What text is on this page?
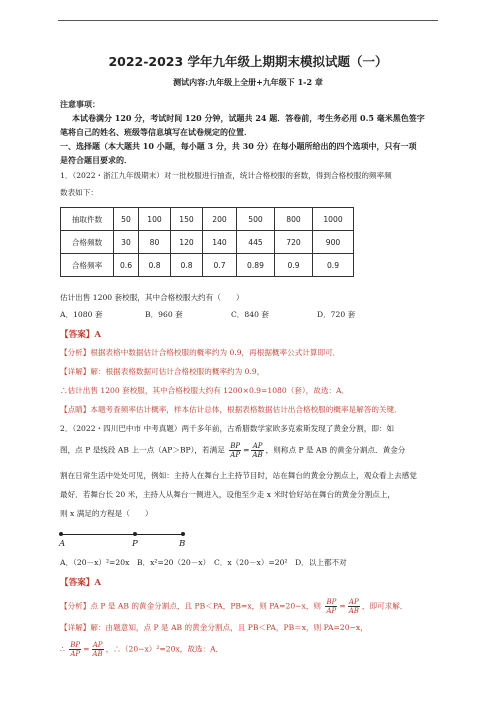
2022-2023 学年九年级上期期末模拟试题（一）
测试内容:九年级上全册+九年级下 1-2 章
注意事项：
本试卷满分 120 分，考试时间 120 分钟，试题共 24 题．答卷前，考生务必用 0.5 毫米黑色签字
笔将自己的姓名、班级等信息填写在试卷规定的位置．
一、选择题（本大题共 10 小题，每小题 3 分，共 30 分）在每小题所给出的四个选项中，只有一项
是符合题目要求的．
1．（2022・浙江九年级期末）对一批校服进行抽查，统计合格校服的套数，得到合格校服的频率频
数表如下：
抽取件数	50	100	150	200	500	800	1000
合格频数	30	80	120	140	445	720	900
合格频率	0.6	0.8	0.8	0.7	0.89	0.9	0.9
估计出售 1200 套校服，其中合格校服大约有（　　）
A．1080 套	B．960 套	C．840 套	D．720 套
【答案】A
【分析】根据表格中数据估计合格校服的概率约为 0.9，再根据概率公式计算即可．
【详解】解：根据表格数据可估计合格校服的概率约为 0.9，
∴估计出售 1200 套校服，其中合格校服大约有 1200×0.9=1080（套），故选：A．
【点睛】本题考查频率估计概率，样本估计总体，根据表格数据估计出合格校服的概率是解答的关键．
2．（2022・四川巴中市 中考真题）两千多年前，古希腊数学家欧多克索斯发现了黄金分割，即：如
图，点 P 是线段 AB 上一点（AP＞BP），若满足 $\frac{BP}{AP} = \frac{AP}{AB}$ ，则称点 P 是 AB 的黄金分割点．黄金分
割在日常生活中处处可见，例如：主持人在舞台上主持节目时，站在舞台的黄金分割点上，观众看上去感觉
最好．若舞台长 20 米，主持人从舞台一侧进入，设他至少走 x 米时恰好站在舞台的黄金分割点上，
则 x 满足的方程是（　　）
A	P	B
A．（20－x）²=20x　B．x²=20（20－x）　C．x（20－x）=20²　D．以上都不对
【答案】A
【分析】点 P 是 AB 的黄金分割点，且 PB＜PA，PB=x，则 PA=20−x，则 $\frac{BP}{AP} = \frac{AP}{AB}$ ，即可求解．
【详解】解：由题意知，点 P 是 AB 的黄金分割点，且 PB＜PA，PB＝x，则 PA=20−x，
∴ $\frac{BP}{AP} = \frac{AP}{AB}$ ，∴（20−x）²=20x，故选：A．
